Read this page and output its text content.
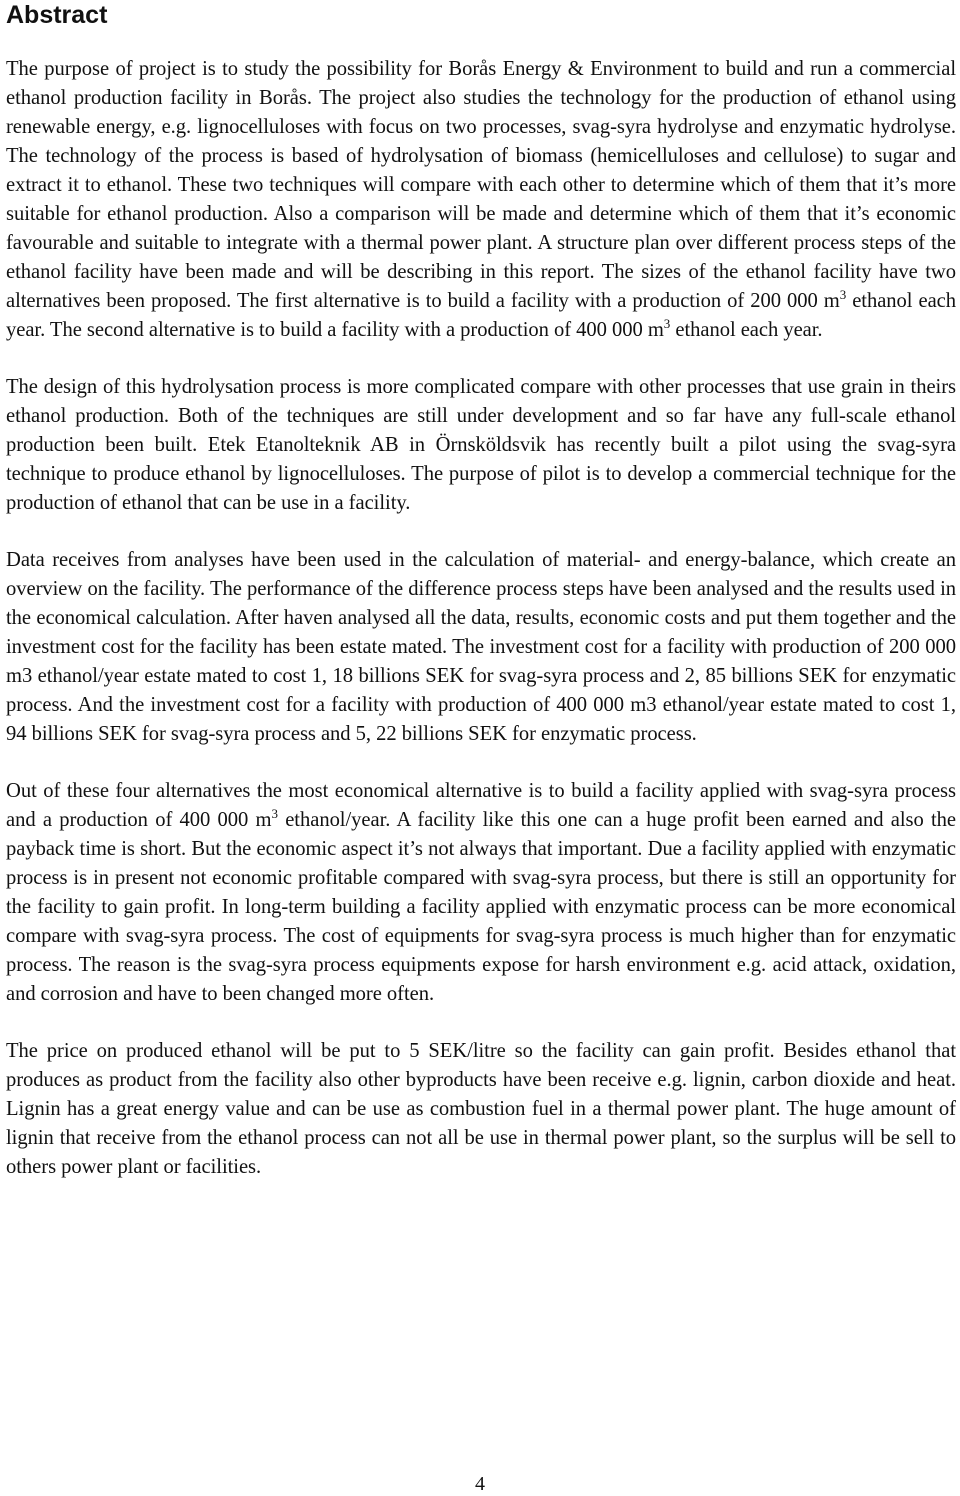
Abstract

The purpose of project is to study the possibility for Borås Energy & Environment to build and run a commercial ethanol production facility in Borås. The project also studies the technology for the production of ethanol using renewable energy, e.g. lignocelluloses with focus on two processes, svag-syra hydrolyse and enzymatic hydrolyse. The technology of the process is based of hydrolysation of biomass (hemicelluloses and cellulose) to sugar and extract it to ethanol. These two techniques will compare with each other to determine which of them that it’s more suitable for ethanol production. Also a comparison will be made and determine which of them that it’s economic favourable and suitable to integrate with a thermal power plant. A structure plan over different process steps of the ethanol facility have been made and will be describing in this report. The sizes of the ethanol facility have two alternatives been proposed. The first alternative is to build a facility with a production of 200 000 $m^3$ ethanol each year. The second alternative is to build a facility with a production of 400 000 $m^3$ ethanol each year.

The design of this hydrolysation process is more complicated compare with other processes that use grain in theirs ethanol production. Both of the techniques are still under development and so far have any full-scale ethanol production been built. Etek Etanolteknik AB in Örnsköldsvik has recently built a pilot using the svag-syra technique to produce ethanol by lignocelluloses. The purpose of pilot is to develop a commercial technique for the production of ethanol that can be use in a facility.

Data receives from analyses have been used in the calculation of material- and energy-balance, which create an overview on the facility. The performance of the difference process steps have been analysed and the results used in the economical calculation. After haven analysed all the data, results, economic costs and put them together and the investment cost for the facility has been estate mated. The investment cost for a facility with production of 200 000 m3 ethanol/year estate mated to cost 1, 18 billions SEK for svag-syra process and 2, 85 billions SEK for enzymatic process. And the investment cost for a facility with production of 400 000 m3 ethanol/year estate mated to cost 1, 94 billions SEK for svag-syra process and 5, 22 billions SEK for enzymatic process.

Out of these four alternatives the most economical alternative is to build a facility applied with svag-syra process and a production of 400 000 $m^3$ ethanol/year. A facility like this one can a huge profit been earned and also the payback time is short. But the economic aspect it’s not always that important. Due a facility applied with enzymatic process is in present not economic profitable compared with svag-syra process, but there is still an opportunity for the facility to gain profit. In long-term building a facility applied with enzymatic process can be more economical compare with svag-syra process. The cost of equipments for svag-syra process is much higher than for enzymatic process. The reason is the svag-syra process equipments expose for harsh environment e.g. acid attack, oxidation, and corrosion and have to been changed more often.

The price on produced ethanol will be put to 5 SEK/litre so the facility can gain profit. Besides ethanol that produces as product from the facility also other byproducts have been receive e.g. lignin, carbon dioxide and heat. Lignin has a great energy value and can be use as combustion fuel in a thermal power plant. The huge amount of lignin that receive from the ethanol process can not all be use in thermal power plant, so the surplus will be sell to others power plant or facilities.

4
